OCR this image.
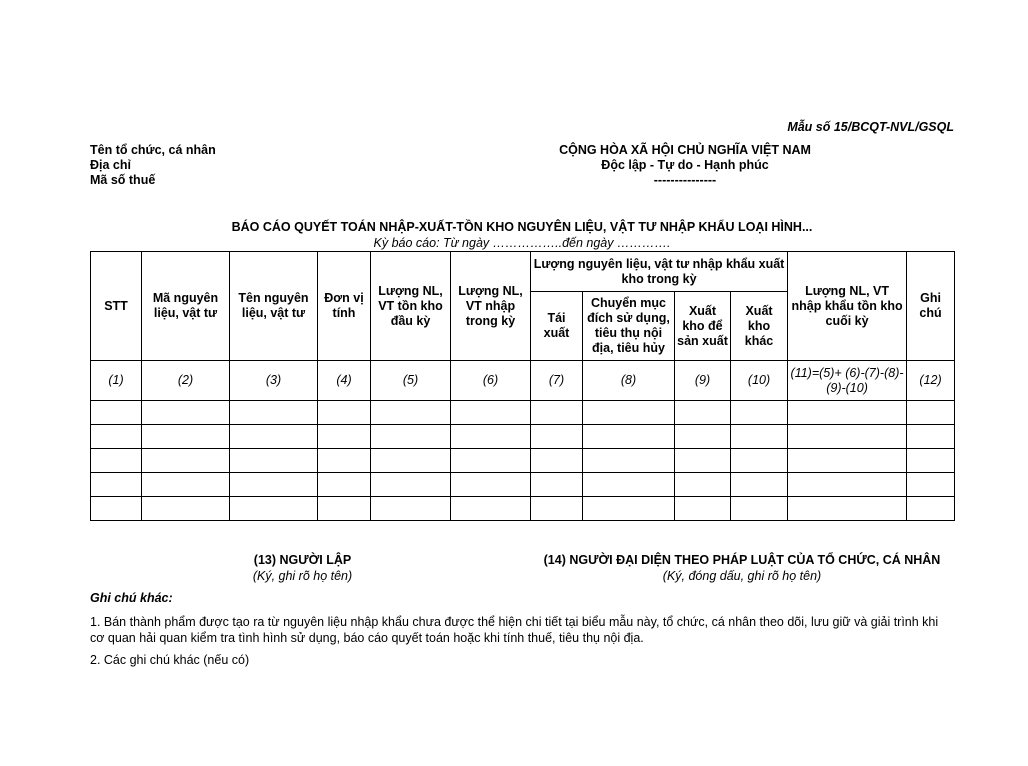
Mẫu số 15/BCQT-NVL/GSQL
Tên tổ chức, cá nhân
Địa chỉ
Mã số thuế
CỘNG HÒA XÃ HỘI CHỦ NGHĨA VIỆT NAM
Độc lập - Tự do - Hạnh phúc
---------------
BÁO CÁO QUYẾT TOÁN NHẬP-XUẤT-TỒN KHO NGUYÊN LIỆU, VẬT TƯ NHẬP KHẨU LOẠI HÌNH...
Kỳ báo cáo: Từ ngày ……………..đến ngày ………….
STT	Mã nguyên liệu, vật tư	Tên nguyên liệu, vật tư	Đơn vị tính	Lượng NL, VT tồn kho đầu kỳ	Lượng NL, VT nhập trong kỳ	Lượng nguyên liệu, vật tư nhập khẩu xuất kho trong kỳ				Lượng NL, VT nhập khẩu tồn kho cuối kỳ	Ghi chú
						Tái xuất	Chuyển mục đích sử dụng, tiêu thụ nội địa, tiêu hủy	Xuất kho để sản xuất	Xuất kho khác		
(1)	(2)	(3)	(4)	(5)	(6)	(7)	(8)	(9)	(10)	(11)=(5)+ (6)-(7)-(8)- (9)-(10)	(12)

(13) NGƯỜI LẬP
(Ký, ghi rõ họ tên)
(14) NGƯỜI ĐẠI DIỆN THEO PHÁP LUẬT CỦA TỔ CHỨC, CÁ NHÂN
(Ký, đóng dấu, ghi rõ họ tên)
Ghi chú khác:
1. Bán thành phẩm được tạo ra từ nguyên liệu nhập khẩu chưa được thể hiện chi tiết tại biểu mẫu này, tổ chức, cá nhân theo dõi, lưu giữ và giải trình khi cơ quan hải quan kiểm tra tình hình sử dụng, báo cáo quyết toán hoặc khi tính thuế, tiêu thụ nội địa.
2. Các ghi chú khác (nếu có)
